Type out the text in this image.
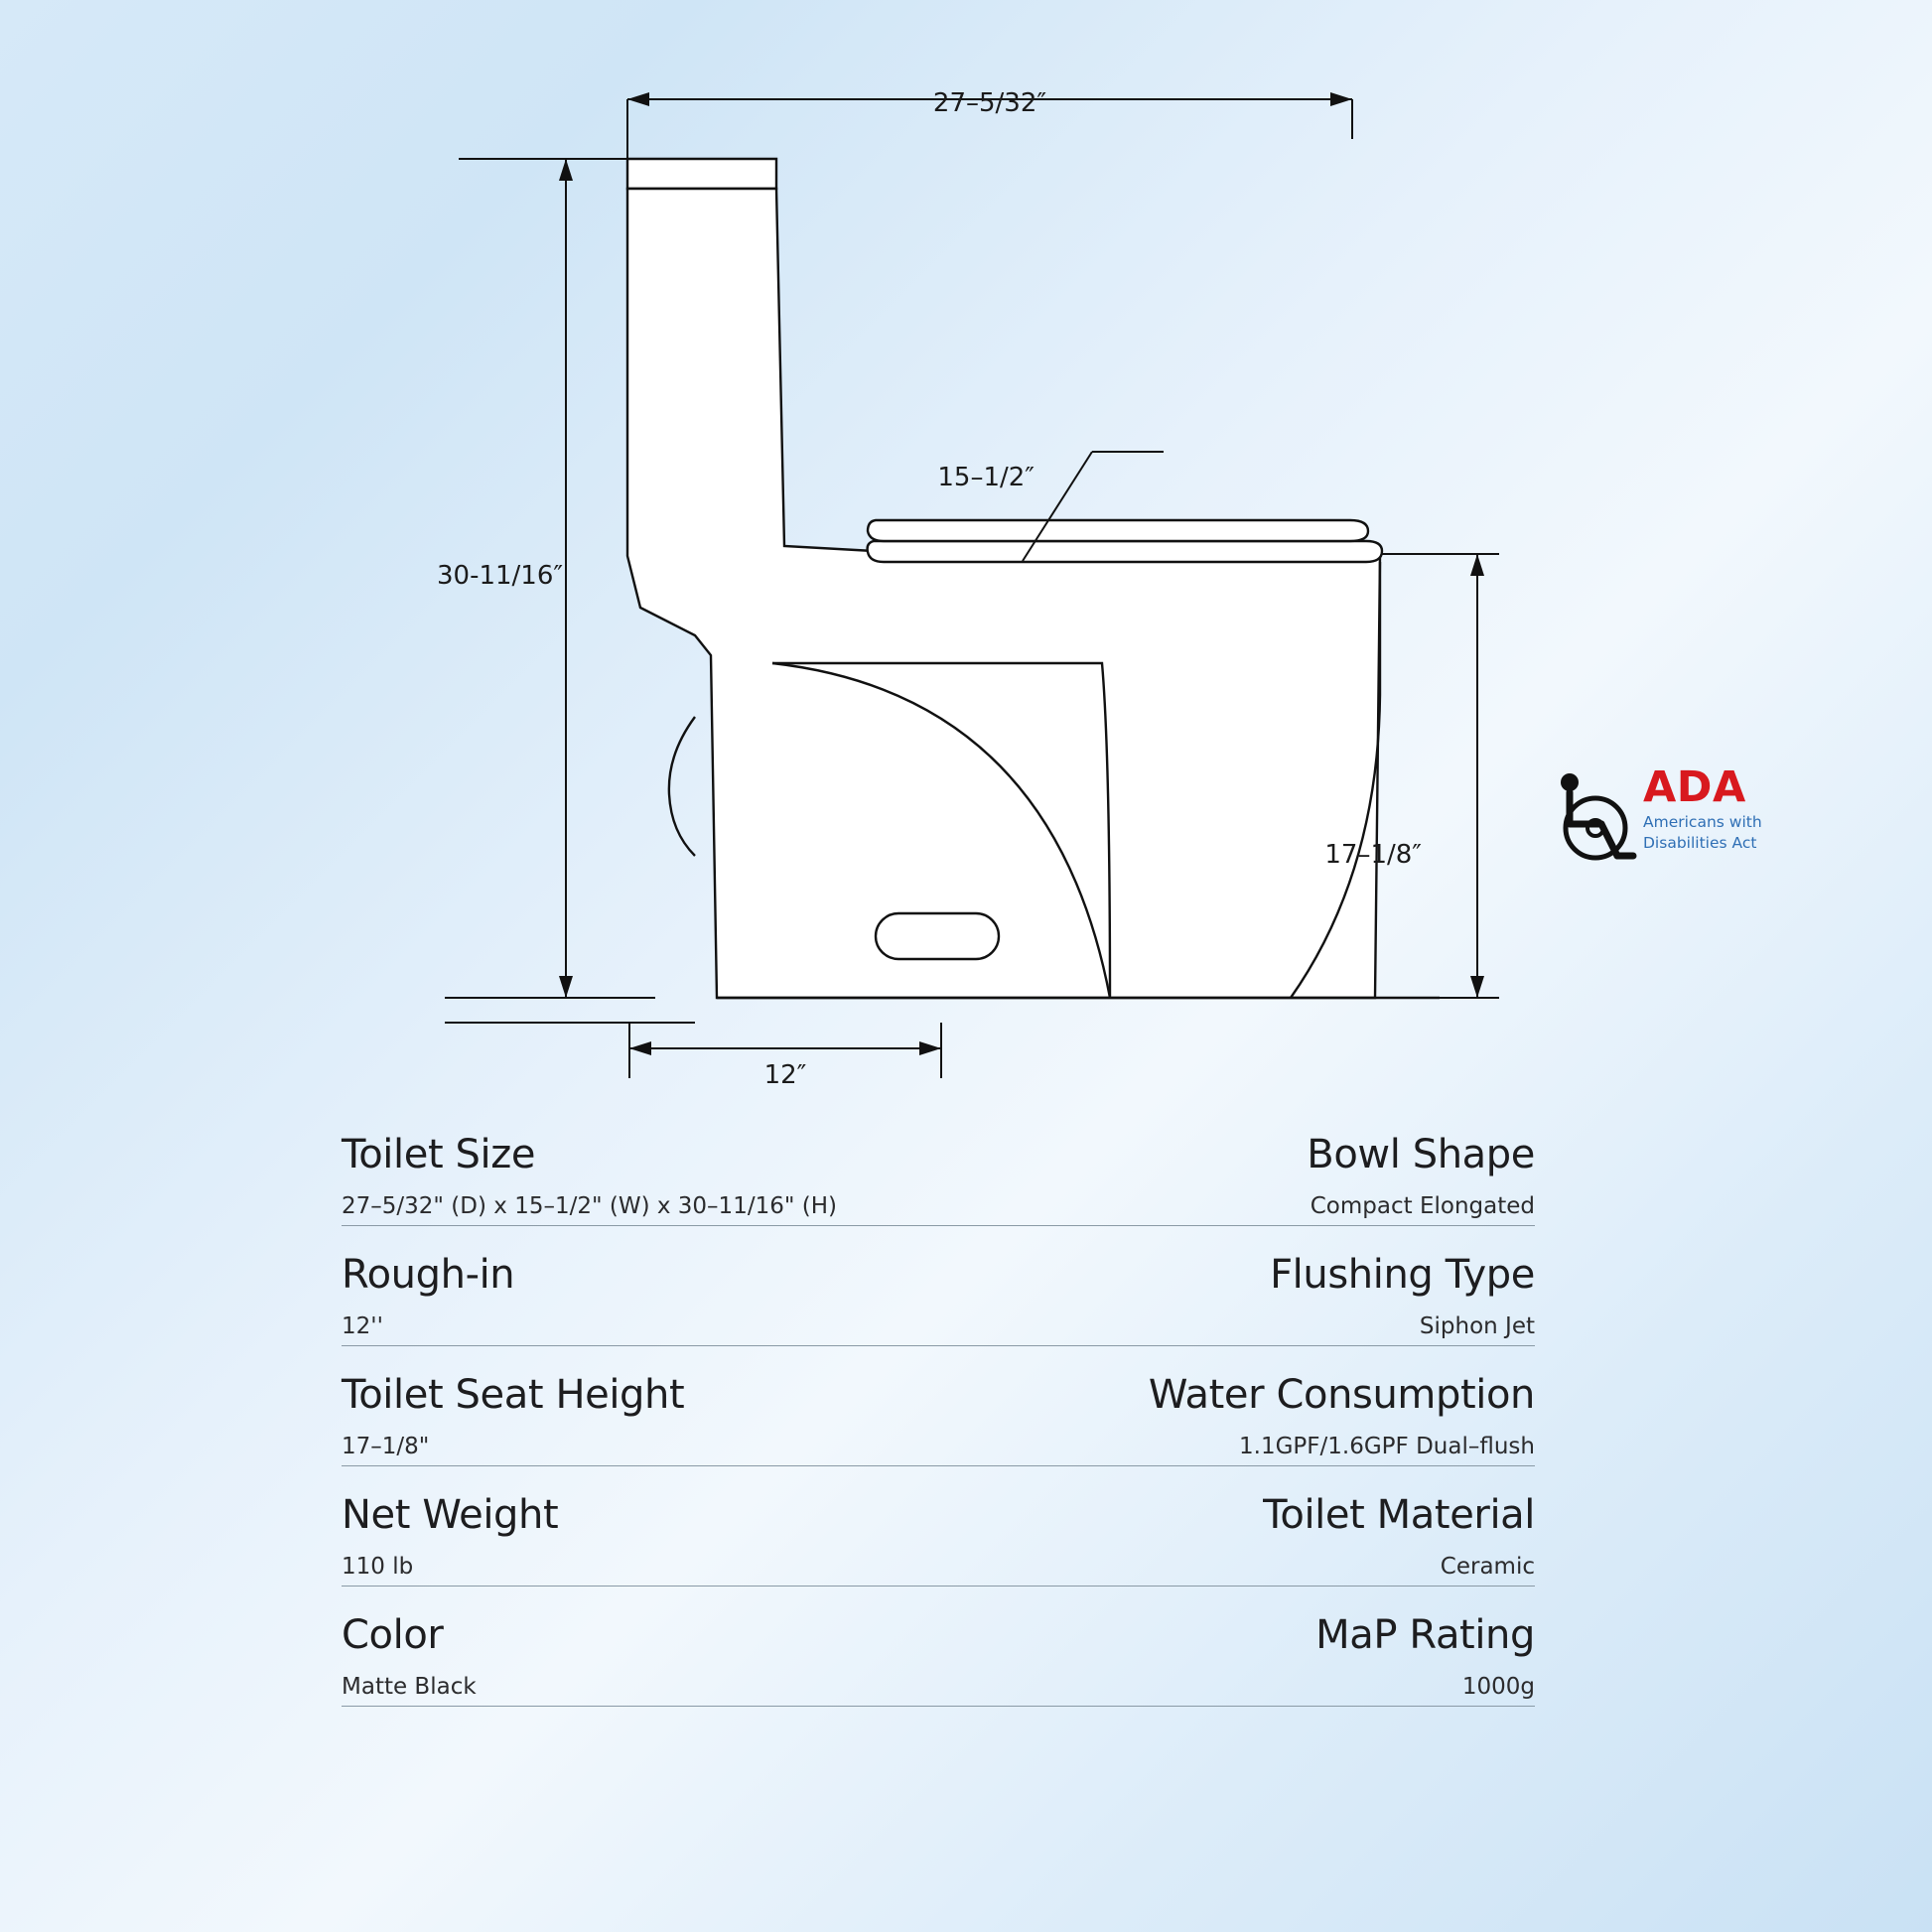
27–5/32″
30-11/16″
15–1/2″
17–1/8″
12″
ADA
Americans with
Disabilities Act
Toilet Size	Bowl Shape
27–5/32" (D) x 15–1/2" (W) x 30–11/16" (H)	Compact Elongated
Rough-in	Flushing Type
12''	Siphon Jet
Toilet Seat Height	Water Consumption
17–1/8"	1.1GPF/1.6GPF Dual–flush
Net Weight	Toilet Material
110 lb	Ceramic
Color	MaP Rating
Matte Black	1000g
